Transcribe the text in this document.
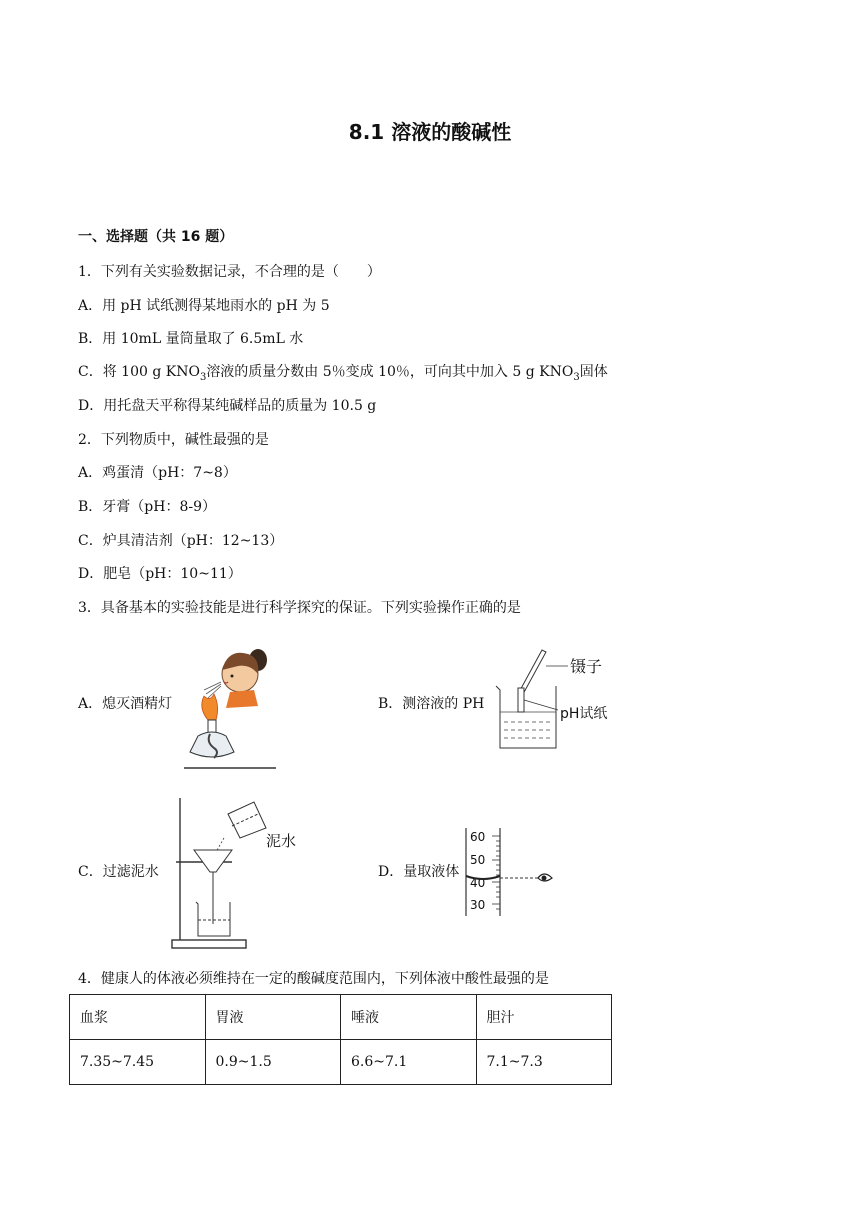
8.1 溶液的酸碱性
一、选择题（共 16 题）
1．下列有关实验数据记录，不合理的是（　　）
A．用 pH 试纸测得某地雨水的 pH 为 5
B．用 10mL 量筒量取了 6.5mL 水
C．将 100 g $KNO_3$溶液的质量分数由 5％变成 10％，可向其中加入 5 g $KNO_3$固体
D．用托盘天平称得某纯碱样品的质量为 10.5 g
2．下列物质中，碱性最强的是
A．鸡蛋清（pH：7~8）
B．牙膏（pH：8-9）
C．炉具清洁剂（pH：12~13）
D．肥皂（pH：10~11）
3．具备基本的实验技能是进行科学探究的保证。下列实验操作正确的是
A．熄灭酒精灯	B．测溶液的 PH
C．过滤泥水	D．量取液体
镊子
pH试纸
泥水	60
50
40
30
4．健康人的体液必须维持在一定的酸碱度范围内，下列体液中酸性最强的是
血浆	胃液	唾液	胆汁
7.35~7.45	0.9~1.5	6.6~7.1	7.1~7.3
